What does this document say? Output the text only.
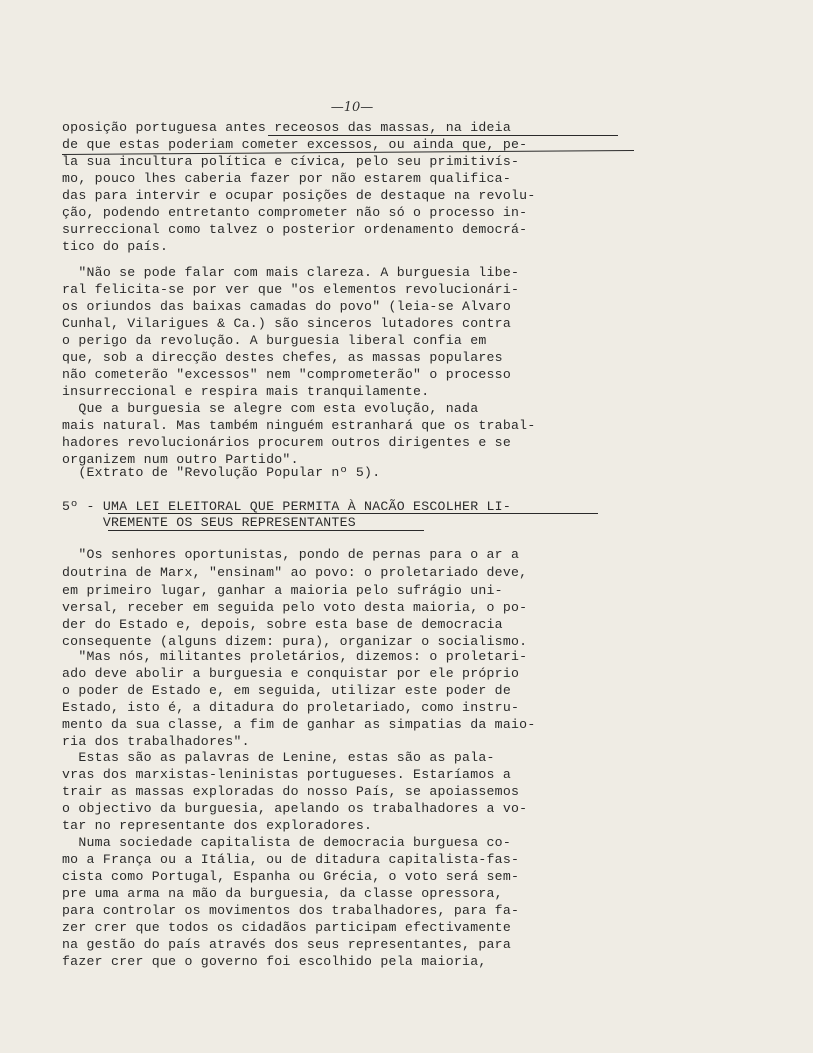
—10—
oposição portuguesa antes receosos das massas, na ideia
de que estas poderiam cometer excessos, ou ainda que, pe-
la sua incultura política e cívica, pelo seu primitivís-
mo, pouco lhes caberia fazer por não estarem qualifica-
das para intervir e ocupar posições de destaque na revolu-
ção, podendo entretanto comprometer não só o processo in-
surreccional como talvez o posterior ordenamento democrá-
tico do país.
"Não se pode falar com mais clareza. A burguesia libe-
ral felicita-se por ver que "os elementos revolucionári-
os oriundos das baixas camadas do povo" (leia-se Alvaro
Cunhal, Vilarigues & Ca.) são sinceros lutadores contra
o perigo da revolução. A burguesia liberal confia em
que, sob a direcção destes chefes, as massas populares
não cometerão "excessos" nem "comprometerão" o processo
insurreccional e respira mais tranquilamente.
Que a burguesia se alegre com esta evolução, nada
mais natural. Mas também ninguém estranhará que os trabal-
hadores revolucionários procurem outros dirigentes e se
organizem num outro Partido".
(Extrato de "Revolução Popular nº 5).
5º - UMA LEI ELEITORAL QUE PERMITA À NACÃO ESCOLHER LI-
VREMENTE OS SEUS REPRESENTANTES
"Os senhores oportunistas, pondo de pernas para o ar a
doutrina de Marx, "ensinam" ao povo: o proletariado deve,
em primeiro lugar, ganhar a maioria pelo sufrágio uni-
versal, receber em seguida pelo voto desta maioria, o po-
der do Estado e, depois, sobre esta base de democracia
consequente (alguns dizem: pura), organizar o socialismo.
"Mas nós, militantes proletários, dizemos: o proletari-
ado deve abolir a burguesia e conquistar por ele próprio
o poder de Estado e, em seguida, utilizar este poder de
Estado, isto é, a ditadura do proletariado, como instru-
mento da sua classe, a fim de ganhar as simpatias da maio-
ria dos trabalhadores".
Estas são as palavras de Lenine, estas são as pala-
vras dos marxistas-leninistas portugueses. Estaríamos a
trair as massas exploradas do nosso País, se apoiassemos
o objectivo da burguesia, apelando os trabalhadores a vo-
tar no representante dos exploradores.
Numa sociedade capitalista de democracia burguesa co-
mo a França ou a Itália, ou de ditadura capitalista-fas-
cista como Portugal, Espanha ou Grécia, o voto será sem-
pre uma arma na mão da burguesia, da classe opressora,
para controlar os movimentos dos trabalhadores, para fa-
zer crer que todos os cidadãos participam efectivamente
na gestão do país através dos seus representantes, para
fazer crer que o governo foi escolhido pela maioria,
